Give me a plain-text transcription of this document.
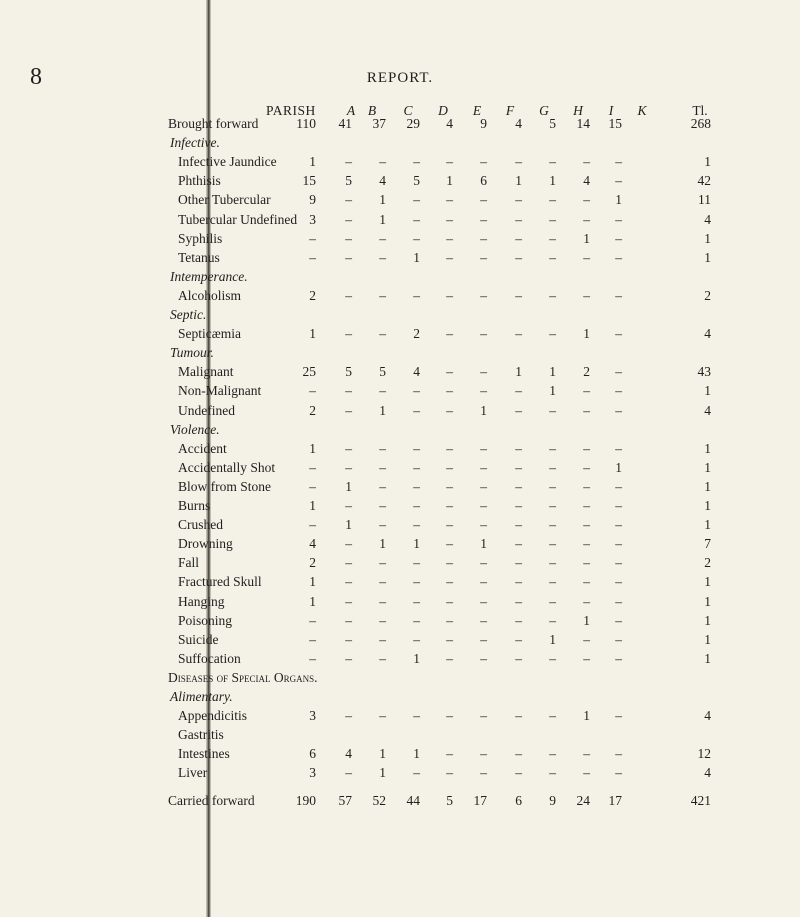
8	REPORT.
PARISH	A B	C	D	E	F	G	H	I	K	Tl.
Brought forward	110	41	37	29	4	9	4	5	14	15	268
Infective.
Infective Jaundice	1	–	–	–	–	–	–	–	–	–	1
Phthisis	15	5	4	5	1	6	1	1	4	–	42
Other Tubercular	9	–	1	–	–	–	–	–	–	1	11
Tubercular Undefined 3	–	1	–	–	–	–	–	–	–	4
Syphilis	–	–	–	–	–	–	–	–	1	–	1
Tetanus	–	–	–	1	–	–	–	–	–	–	1
Intemperance.
Alcoholism	2	–	–	–	–	–	–	–	–	–	2
Septic.
Septicæmia	1	–	–	2	–	–	–	–	1	–	4
Tumour.
Malignant	25	5	5	4	–	–	1	1	2	–	43
Non-Malignant	–	–	–	–	–	–	–	1	–	–	1
Undefined	2	–	1	–	–	1	–	–	–	–	4
Violence.
Accident	1	–	–	–	–	–	–	–	–	–	1
Accidentally Shot	–	–	–	–	–	–	–	–	–	1	1
Blow from Stone	–	1	–	–	–	–	–	–	–	–	1
Burns	1	–	–	–	–	–	–	–	–	–	1
Crushed	–	1	–	–	–	–	–	–	–	–	1
Drowning	4	–	1	1	–	1	–	–	–	–	7
Fall	2	–	–	–	–	–	–	–	–	–	2
Fractured Skull	1	–	–	–	–	–	–	–	–	–	1
Hanging	1	–	–	–	–	–	–	–	–	–	1
Poisoning	–	–	–	–	–	–	–	–	1	–	1
Suicide	–	–	–	–	–	–	–	1	–	–	1
Suffocation	–	–	–	1	–	–	–	–	–	–	1
Diseases of Special Organs.
Alimentary.
Appendicitis	3	–	–	–	–	–	–	–	1	–	4
Gastritis
Intestines	6	4	1	1	–	–	–	–	–	–	12
Liver	3	–	1	–	–	–	–	–	–	–	4
Carried forward	190	57	52	44	5	17	6	9	24	17	421
